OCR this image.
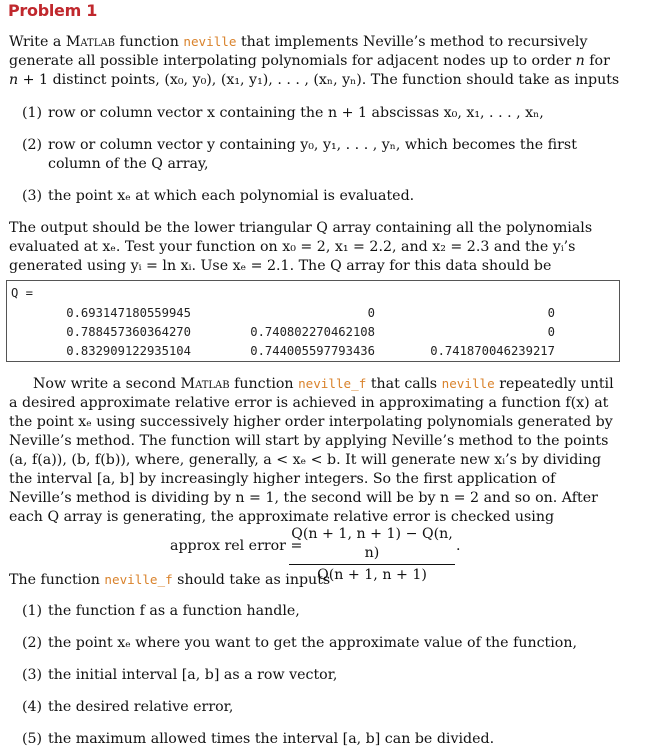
Problem 1

Write a Matlab function neville that implements Neville’s method to recursively generate all possible interpolating polynomials for adjacent nodes up to order n for n + 1 distinct points, (x₀, y₀), (x₁, y₁), . . . , (xₙ, yₙ). The function should take as inputs

(1) row or column vector x containing the n + 1 abscissas x₀, x₁, . . . , xₙ,
(2) row or column vector y containing y₀, y₁, . . . , yₙ, which becomes the first column of the Q array,
(3) the point xₑ at which each polynomial is evaluated.

The output should be the lower triangular Q array containing all the polynomials evaluated at xₑ. Test your function on x₀ = 2, x₁ = 2.2, and x₂ = 2.3 and the yᵢ’s generated using yᵢ = ln xᵢ. Use xₑ = 2.1. The Q array for this data should be

Q =
0.693147180559945	0	0
0.788457360364270	0.740802270462108	0
0.832909122935104	0.744005597793436	0.741870046239217

Now write a second Matlab function neville_f that calls neville repeatedly until a desired approximate relative error is achieved in approximating a function f(x) at the point xₑ using successively higher order interpolating polynomials generated by Neville’s method. The function will start by applying Neville’s method to the points (a, f(a)), (b, f(b)), where, generally, a < xₑ < b. It will generate new xᵢ’s by dividing the interval [a, b] by increasingly higher integers. So the first application of Neville’s method is dividing by n = 1, the second will be by n = 2 and so on. After each Q array is generating, the approximate relative error is checked using

approx rel error =
$\frac{Q(n + 1, n + 1) - Q(n, n)}{Q(n + 1, n + 1)}$ .

The function neville_f should take as inputs

(1) the function f as a function handle,
(2) the point xₑ where you want to get the approximate value of the function,
(3) the initial interval [a, b] as a row vector,
(4) the desired relative error,
(5) the maximum allowed times the interval [a, b] can be divided.
